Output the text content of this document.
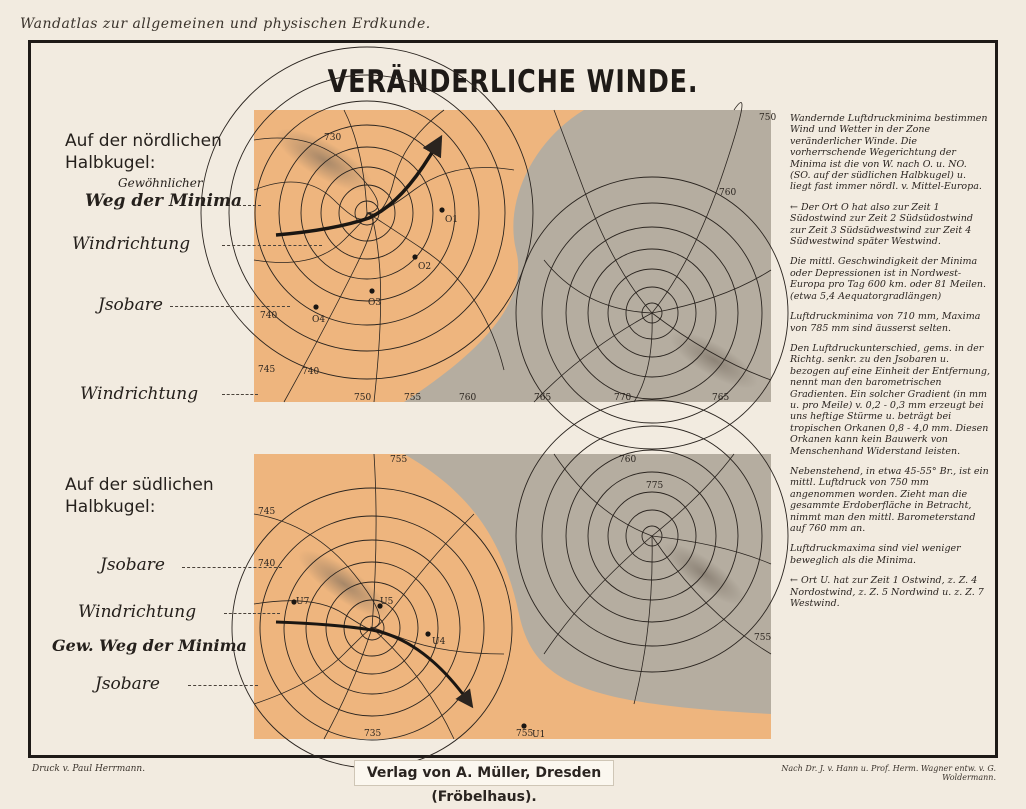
Wandatlas zur allgemeinen und physischen Erdkunde.
VERÄNDERLICHE WINDE.
O1
O2
O3
O4
750
750	755	760	765	770	765
730
740
740
745
760
U1
U4
U5
U7
755	760
745
740
735	755
755
775
Auf der nördlichen
Halbkugel:
Gewöhnlicher
Weg der Minima
Windrichtung
Jsobare
Windrichtung
Auf der südlichen
Halbkugel:
Jsobare
Windrichtung
Gew. Weg der Minima
Jsobare

Wandernde Luftdruckminima bestimmen Wind und Wetter in der Zone veränderlicher Winde. Die vorherrschende Wegerichtung der Minima ist die von W. nach O. u. NO. (SO. auf der südlichen Halbkugel) u. liegt fast immer nördl. v. Mittel-Europa.

← Der Ort O hat also zur Zeit 1 Südostwind zur Zeit 2 Südsüdostwind zur Zeit 3 Südsüdwestwind zur Zeit 4 Südwestwind später Westwind.

Die mittl. Geschwindigkeit der Minima oder Depressionen ist in Nordwest-Europa pro Tag 600 km. oder 81 Meilen. (etwa 5,4 Aequatorgradlängen)

Luftdruckminima von 710 mm, Maxima von 785 mm sind äusserst selten.

Den Luftdruckunterschied, gems. in der Richtg. senkr. zu den Jsobaren u. bezogen auf eine Einheit der Entfernung, nennt man den barometrischen Gradienten. Ein solcher Gradient (in mm u. pro Meile) v. 0,2 - 0,3 mm erzeugt bei uns heftige Stürme u. beträgt bei tropischen Orkanen 0,8 - 4,0 mm. Diesen Orkanen kann kein Bauwerk von Menschenhand Widerstand leisten.

Nebenstehend, in etwa 45-55° Br., ist ein mittl. Luftdruck von 750 mm angenommen worden. Zieht man die gesammte Erdoberfläche in Betracht, nimmt man den mittl. Barometerstand auf 760 mm an.

Luftdruckmaxima sind viel weniger beweglich als die Minima.

← Ort U. hat zur Zeit 1 Ostwind, z. Z. 4 Nordostwind, z. Z. 5 Nordwind u. z. Z. 7 Westwind.

Druck v. Paul Herrmann.	Verlag von A. Müller, Dresden (Fröbelhaus).
Nach Dr. J. v. Hann u. Prof. Herm. Wagner entw. v. G. Woldermann.
